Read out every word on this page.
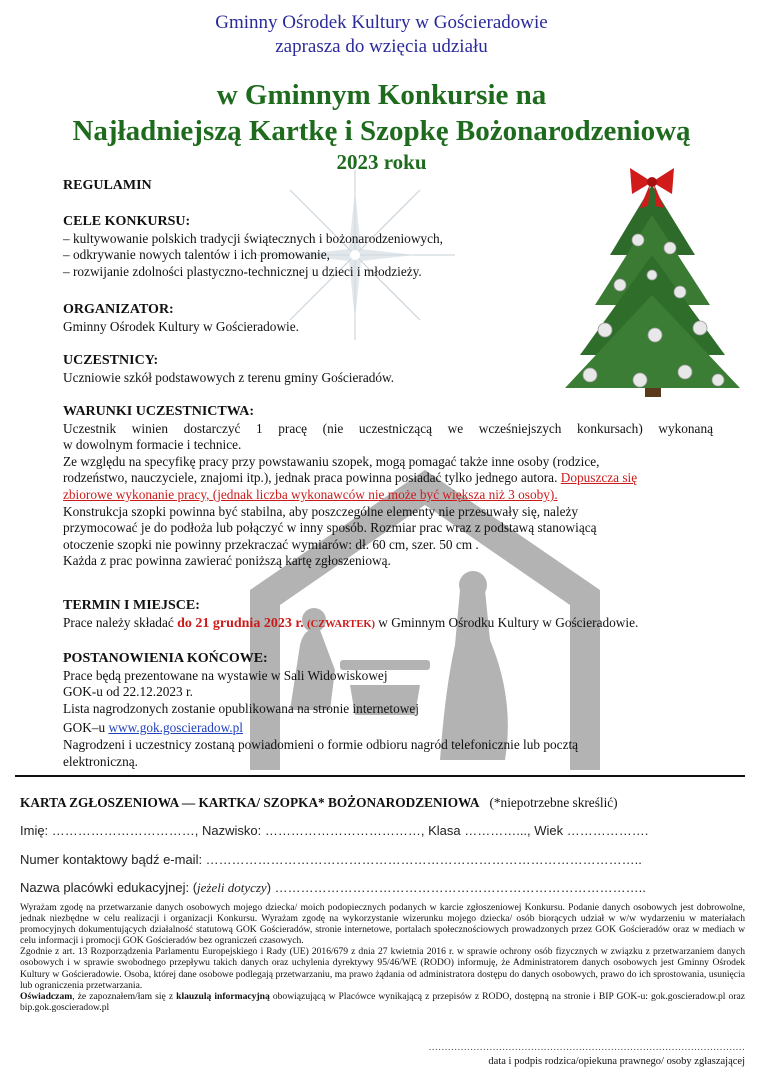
Gminny Ośrodek Kultury w Gościeradowie
zaprasza do wzięcia udziału
w Gminnym Konkursie na
Najładniejszą Kartkę i Szopkę Bożonarodzeniową
2023 roku
REGULAMIN
CELE KONKURSU:
– kultywowanie polskich tradycji świątecznych i bożonarodzeniowych,
– odkrywanie nowych talentów i ich promowanie,
– rozwijanie zdolności plastyczno-technicznej u dzieci i młodzieży.
ORGANIZATOR:
Gminny Ośrodek Kultury w Gościeradowie.
UCZESTNICY:
Uczniowie szkół podstawowych z terenu gminy Gościeradów.
WARUNKI UCZESTNICTWA:
Uczestnik winien dostarczyć 1 pracę (nie uczestniczącą we wcześniejszych konkursach) wykonaną
w dowolnym formacie i technice.
Ze względu na specyfikę pracy przy powstawaniu szopek, mogą pomagać także inne osoby (rodzice,
rodzeństwo, nauczyciele, znajomi itp.), jednak praca powinna posiadać tylko jednego autora. Dopuszcza się
zbiorowe wykonanie pracy, (jednak liczba wykonawców nie może być większa niż 3 osoby).
Konstrukcja szopki powinna być stabilna, aby poszczególne elementy nie przesuwały się, należy
przymocować je do podłoża lub połączyć w inny sposób. Rozmiar prac wraz z podstawą stanowiącą
otoczenie szopki nie powinny przekraczać wymiarów: dł. 60 cm, szer. 50 cm .
Każda z prac powinna zawierać poniższą kartę zgłoszeniową.
TERMIN I MIEJSCE:
Prace należy składać do 21 grudnia 2023 r. (CZWARTEK) w Gminnym Ośrodku Kultury w Gościeradowie.
POSTANOWIENIA KOŃCOWE:
Prace będą prezentowane na wystawie w Sali Widowiskowej
GOK-u od 22.12.2023 r.
Lista nagrodzonych zostanie opublikowana na stronie internetowej
GOK–u www.gok.goscieradow.pl
Nagrodzeni i uczestnicy zostaną powiadomieni o formie odbioru nagród telefonicznie lub pocztą
elektroniczną.
KARTA ZGŁOSZENIOWA — KARTKA/ SZOPKA* BOŻONARODZENIOWA (*niepotrzebne skreślić)
Imię: ……………………………, Nazwisko: ………………………………, Klasa …………..., Wiek ……………….
Numer kontaktowy bądź e-mail: ………………………………………………………………………………………..
Nazwa placówki edukacyjnej: (jeżeli dotyczy) …………………………………………………………………………..
Wyrażam zgodę na przetwarzanie danych osobowych mojego dziecka/ moich podopiecznych podanych w karcie zgłoszeniowej Konkursu. Podanie danych osobowych jest dobrowolne, jednak niezbędne w celu realizacji i organizacji Konkursu. Wyrażam zgodę na wykorzystanie wizerunku mojego dziecka/ osób biorących udział w w/w wydarzeniu w materiałach promocyjnych dokumentujących działalność statutową GOK Gościeradów, stronie internetowe, portalach społecznościowych prowadzonych przez GOK Gościeradów oraz w mediach w celu informacji i promocji GOK Gościeradów bez ograniczeń czasowych.
Zgodnie z art. 13 Rozporządzenia Parlamentu Europejskiego i Rady (UE) 2016/679 z dnia 27 kwietnia 2016 r. w sprawie ochrony osób fizycznych w związku z przetwarzaniem danych osobowych i w sprawie swobodnego przepływu takich danych oraz uchylenia dyrektywy 95/46/WE (RODO) informuję, że Administratorem danych osobowych jest Gminny Ośrodek Kultury w Gościeradowie. Osoba, której dane osobowe podlegają przetwarzaniu, ma prawo żądania od administratora dostępu do danych osobowych, prawo do ich sprostowania, usunięcia lub ograniczenia przetwarzania.
Oświadczam, że zapoznałem/łam się z klauzulą informacyjną obowiązującą w Placówce wynikającą z przepisów z RODO, dostępną na stronie i BIP GOK-u: gok.goscieradow.pl oraz bip.gok.goscieradow.pl
………………………………………………………………………………………
data i podpis rodzica/opiekuna prawnego/ osoby zgłaszającej
